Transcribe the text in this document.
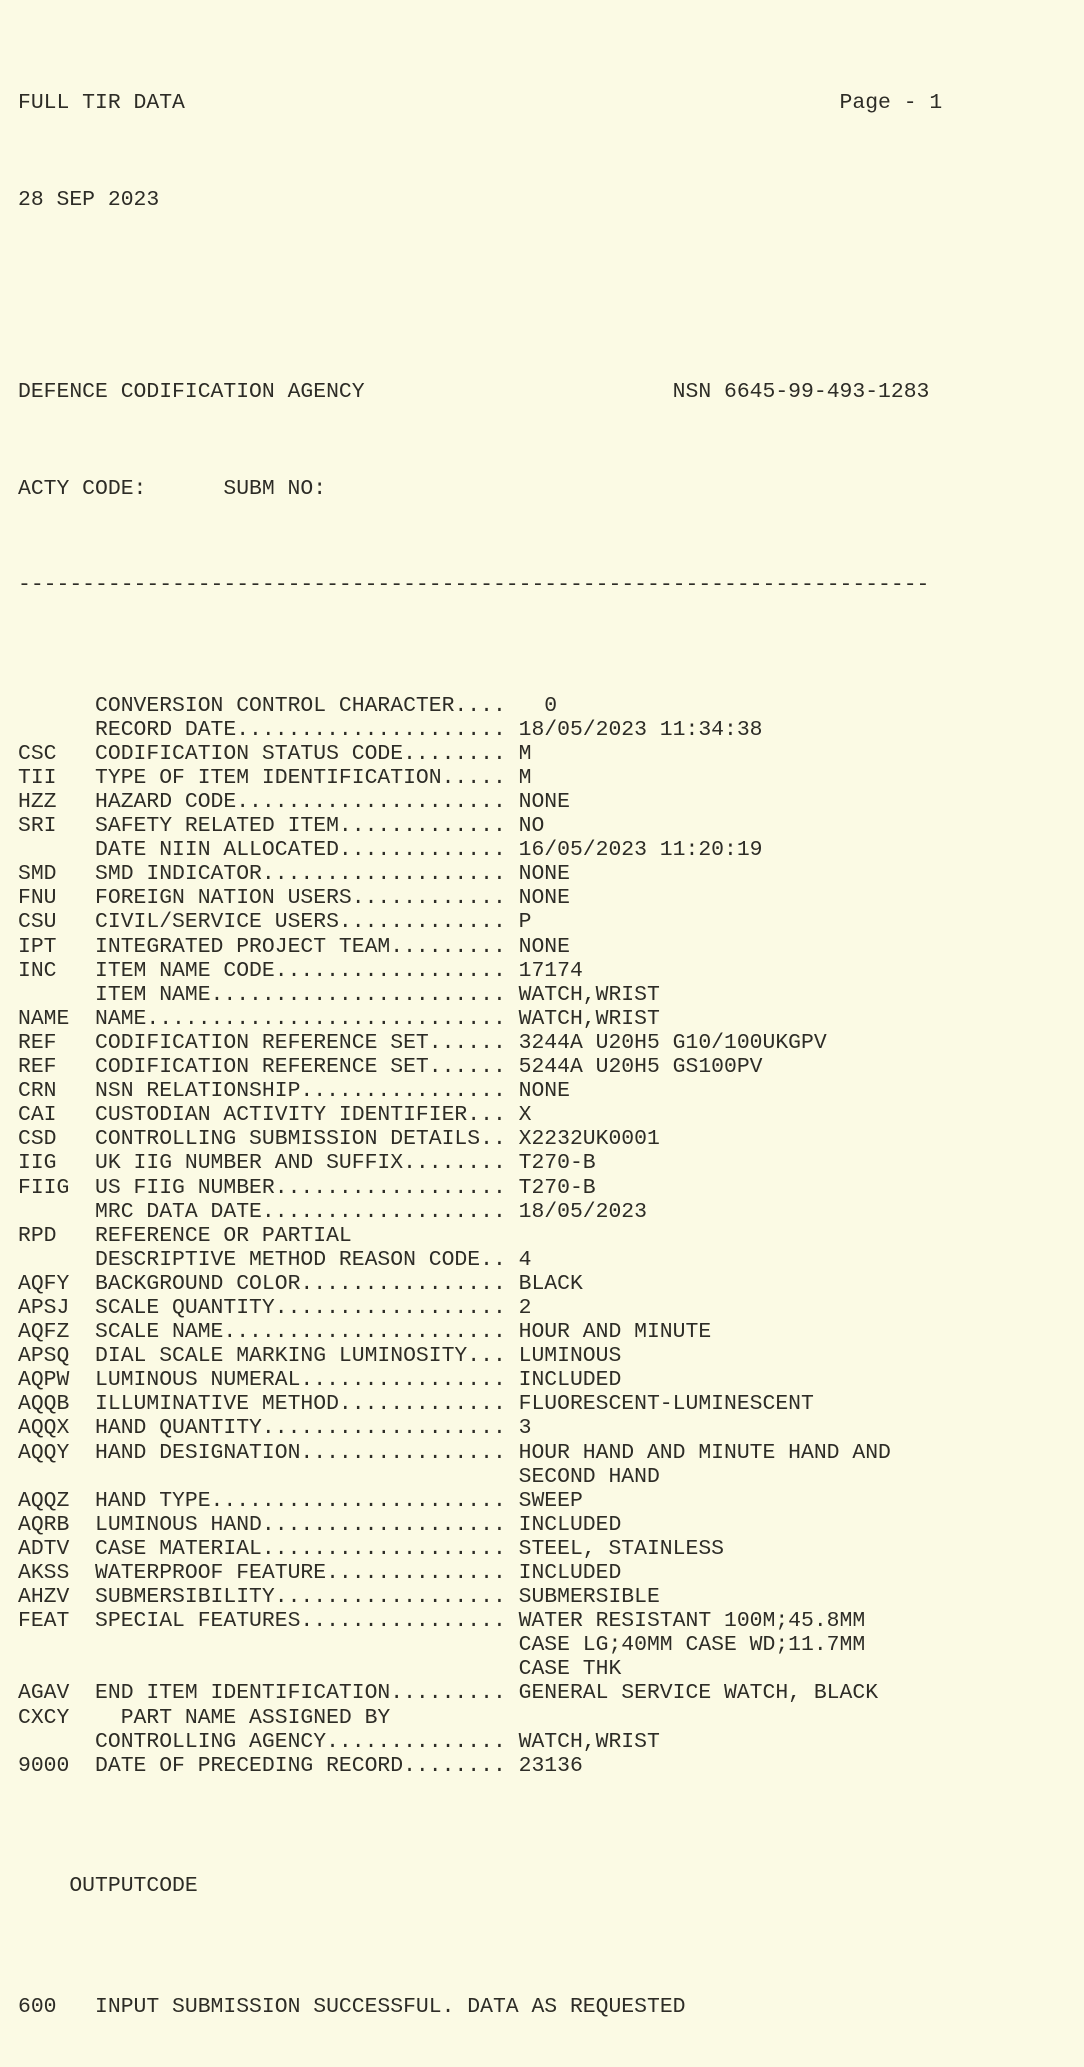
FULL TIR DATA	Page - 1

28 SEP 2023

DEFENCE CODIFICATION AGENCY	NSN 6645-99-493-1283

ACTY CODE:	SUBM NO:

-----------------------------------------------------------------------

CONVERSION CONTROL CHARACTER....  0
RECORD DATE..................... 18/05/2023 11:34:38
CSC CODIFICATION STATUS CODE........ M
TII TYPE OF ITEM IDENTIFICATION..... M
HZZ HAZARD CODE..................... NONE
SRI SAFETY RELATED ITEM............. NO
DATE NIIN ALLOCATED............. 16/05/2023 11:20:19
SMD SMD INDICATOR................... NONE
FNU FOREIGN NATION USERS............ NONE
CSU CIVIL/SERVICE USERS............. P
IPT INTEGRATED PROJECT TEAM......... NONE
INC ITEM NAME CODE.................. 17174
ITEM NAME....................... WATCH,WRIST
NAME NAME............................ WATCH,WRIST
REF CODIFICATION REFERENCE SET...... 3244A U20H5 G10/100UKGPV
REF CODIFICATION REFERENCE SET...... 5244A U20H5 GS100PV
CRN NSN RELATIONSHIP................ NONE
CAI CUSTODIAN ACTIVITY IDENTIFIER... X
CSD CONTROLLING SUBMISSION DETAILS.. X2232UK0001
IIG UK IIG NUMBER AND SUFFIX........ T270-B
FIIG US FIIG NUMBER.................. T270-B
MRC DATA DATE................... 18/05/2023
RPD REFERENCE OR PARTIAL
DESCRIPTIVE METHOD REASON CODE.. 4
AQFY BACKGROUND COLOR................ BLACK
APSJ SCALE QUANTITY.................. 2
AQFZ SCALE NAME...................... HOUR AND MINUTE
APSQ DIAL SCALE MARKING LUMINOSITY... LUMINOUS
AQPW LUMINOUS NUMERAL................ INCLUDED
AQQB ILLUMINATIVE METHOD............. FLUORESCENT-LUMINESCENT
AQQX HAND QUANTITY................... 3
AQQY HAND DESIGNATION................ HOUR HAND AND MINUTE HAND AND
SECOND HAND
AQQZ HAND TYPE....................... SWEEP
AQRB LUMINOUS HAND................... INCLUDED
ADTV CASE MATERIAL................... STEEL, STAINLESS
AKSS WATERPROOF FEATURE.............. INCLUDED
AHZV SUBMERSIBILITY.................. SUBMERSIBLE
FEAT SPECIAL FEATURES................ WATER RESISTANT 100M;45.8MM
CASE LG;40MM CASE WD;11.7MM
CASE THK
AGAV END ITEM IDENTIFICATION......... GENERAL SERVICE WATCH, BLACK
CXCY  PART NAME ASSIGNED BY
CONTROLLING AGENCY.............. WATCH,WRIST
9000 DATE OF PRECEDING RECORD........ 23136

OUTPUTCODE

600 INPUT SUBMISSION SUCCESSFUL. DATA AS REQUESTED
